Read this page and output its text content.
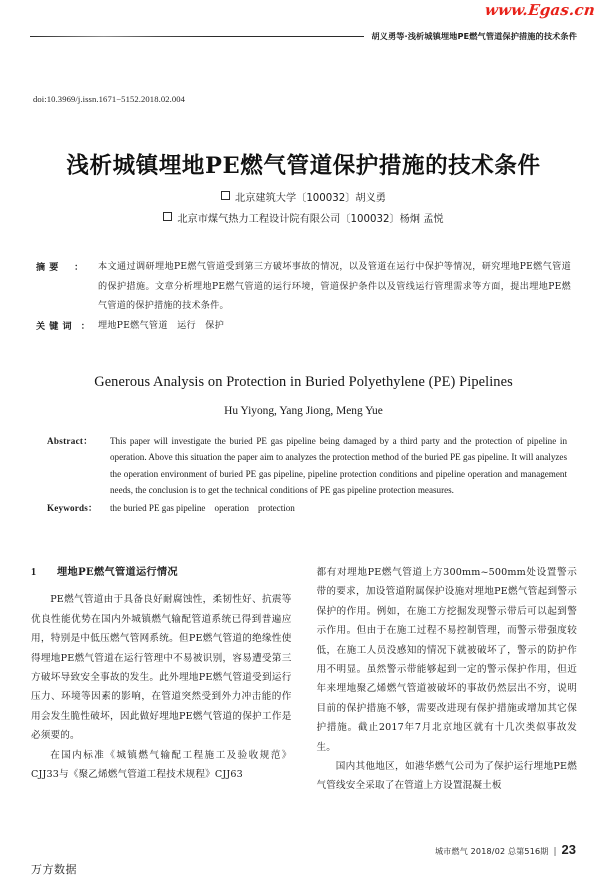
www.Egas.cn
胡义勇等·浅析城镇埋地PE燃气管道保护措施的技术条件
doi:10.3969/j.issn.1671−5152.2018.02.004
浅析城镇埋地PE燃气管道保护措施的技术条件
北京建筑大学〔100032〕胡义勇
北京市煤气热力工程设计院有限公司〔100032〕杨炯 孟悦
摘 要 ： 本文通过调研埋地PE燃气管道受到第三方破坏事故的情况，以及管道在运行中保护等情况，研究埋地PE燃气管道的保护措施。文章分析埋地PE燃气管道的运行环境，管道保护条件以及管线运行管理需求等方面，提出埋地PE燃气管道的保护措施的技术条件。
关 键 词 ： 埋地PE燃气管道　运行　保护
Generous Analysis on Protection in Buried Polyethylene (PE) Pipelines
Hu Yiyong, Yang Jiong, Meng Yue
Abstract：	This paper will investigate the buried PE gas pipeline being damaged by a third party and the protection of pipeline in operation. Above this situation the paper aim to analyzes the protection method of the buried PE gas pipeline. It will analyzes the operation environment of buried PE gas pipeline, pipeline protection conditions and pipeline operation and management needs, the conclusion is to get the technical conditions of PE gas pipeline protection measures.
Keywords：	the buried PE gas pipeline　operation　protection
1	埋地PE燃气管道运行情况

PE燃气管道由于具备良好耐腐蚀性，柔韧性好、抗震等优良性能优势在国内外城镇燃气输配管道系统已得到普遍应用，特别是中低压燃气管网系统。但PE燃气管道的绝缘性使得埋地PE燃气管道在运行管理中不易被识别，容易遭受第三方破坏导致安全事故的发生。此外埋地PE燃气管道受到运行压力、环境等因素的影响，在管道突然受到外力冲击能的作用会发生脆性破坏，因此做好埋地PE燃气管道的保护工作是必须要的。

在国内标准《城镇燃气输配工程施工及验收规范》CJJ33与《聚乙烯燃气管道工程技术规程》CJJ63

都有对埋地PE燃气管道上方300mm~500mm处设置警示带的要求，加设管道附属保护设施对埋地PE燃气管起到警示保护的作用。例如，在施工方挖掘发现警示带后可以起到警示作用。但由于在施工过程不易控制管理，而警示带强度较低，在施工人员没感知的情况下就被破坏了，警示的防护作用不明显。虽然警示带能够起到一定的警示保护作用，但近年来埋地聚乙烯燃气管道被破坏的事故仍然层出不穷，说明目前的保护措施不够，需要改进现有保护措施或增加其它保护措施。截止2017年7月北京地区就有十几次类似事故发生。

国内其他地区，如港华燃气公司为了保护运行埋地PE燃气管线安全采取了在管道上方设置混凝土板

城市燃气 2018/02 总第516期 | 23
万方数据
